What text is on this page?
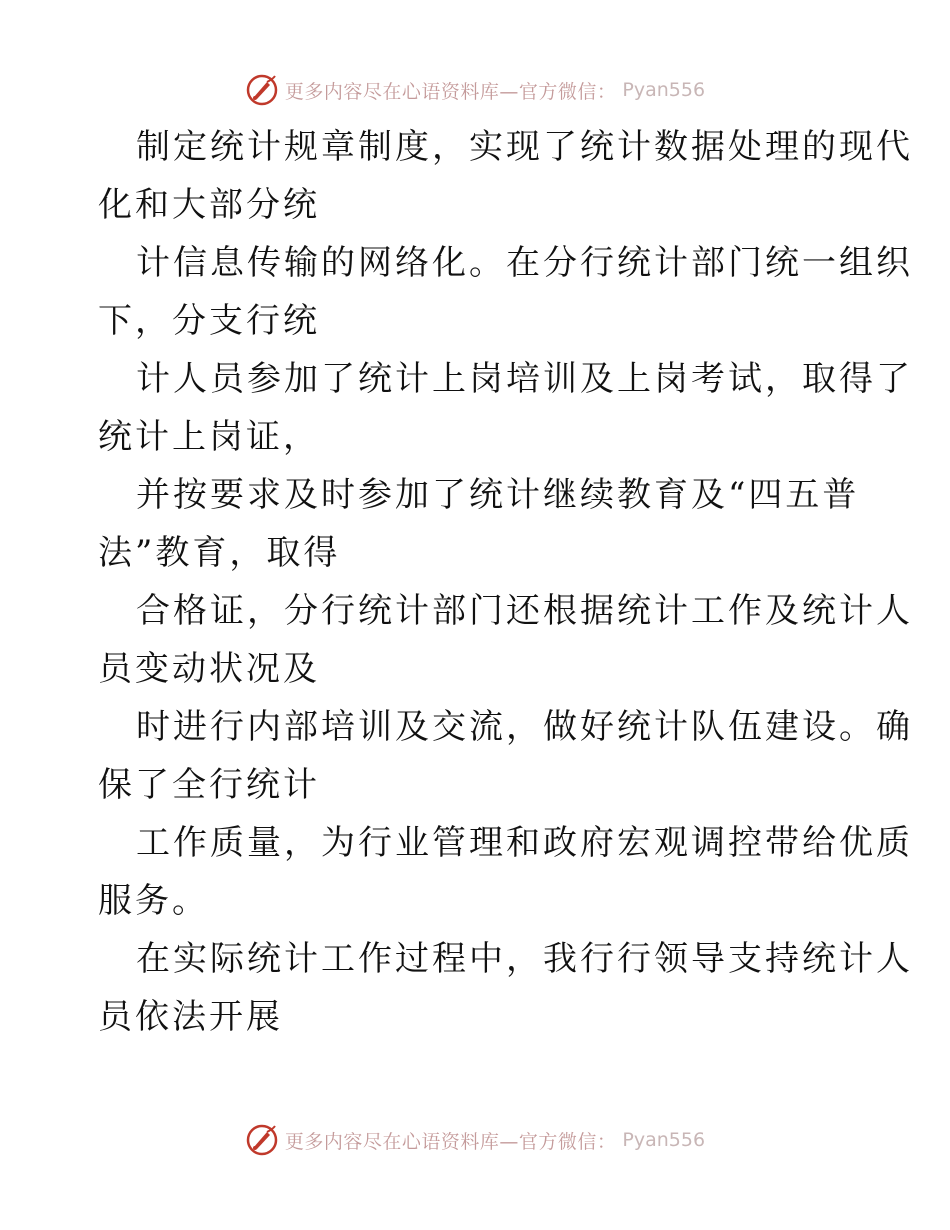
更多内容尽在心语资料库—官方微信： Pyan556
制定统计规章制度，实现了统计数据处理的现代
化和大部分统
计信息传输的网络化。在分行统计部门统一组织
下，分支行统
计人员参加了统计上岗培训及上岗考试，取得了
统计上岗证，
并按要求及时参加了统计继续教育及“四五普
法”教育，取得
合格证，分行统计部门还根据统计工作及统计人
员变动状况及
时进行内部培训及交流，做好统计队伍建设。确
保了全行统计
工作质量，为行业管理和政府宏观调控带给优质
服务。
在实际统计工作过程中，我行行领导支持统计人
员依法开展
更多内容尽在心语资料库—官方微信： Pyan556
